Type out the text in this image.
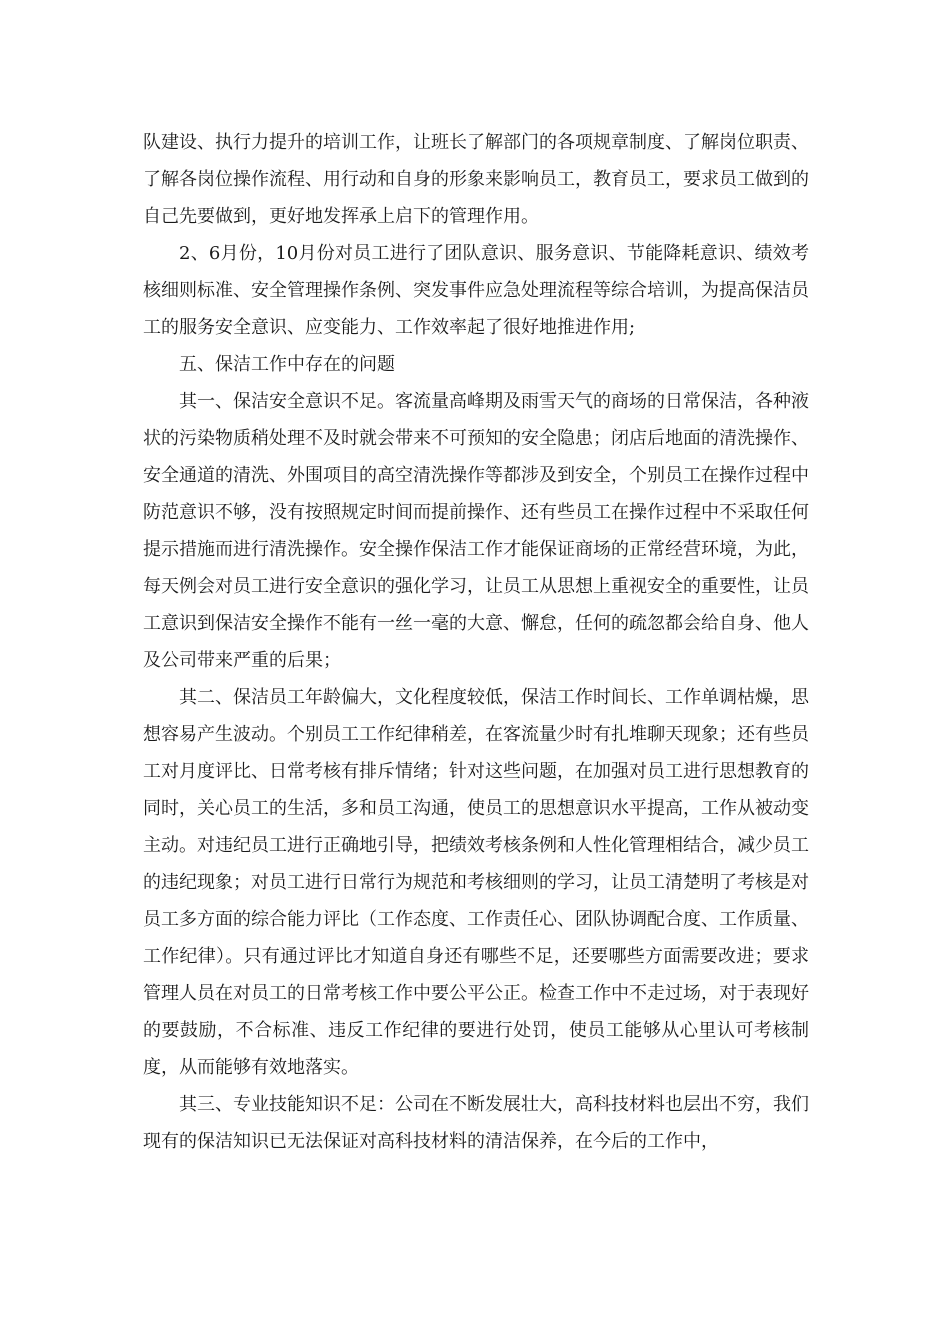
队建设、执行力提升的培训工作，让班长了解部门的各项规章制度、了解岗位职责、了解各岗位操作流程、用行动和自身的形象来影响员工，教育员工，要求员工做到的自己先要做到，更好地发挥承上启下的管理作用。

2、6月份，10月份对员工进行了团队意识、服务意识、节能降耗意识、绩效考核细则标准、安全管理操作条例、突发事件应急处理流程等综合培训，为提高保洁员工的服务安全意识、应变能力、工作效率起了很好地推进作用;

五、保洁工作中存在的问题

其一、保洁安全意识不足。客流量高峰期及雨雪天气的商场的日常保洁，各种液状的污染物质稍处理不及时就会带来不可预知的安全隐患；闭店后地面的清洗操作、安全通道的清洗、外围项目的高空清洗操作等都涉及到安全，个别员工在操作过程中防范意识不够，没有按照规定时间而提前操作、还有些员工在操作过程中不采取任何提示措施而进行清洗操作。安全操作保洁工作才能保证商场的正常经营环境，为此，每天例会对员工进行安全意识的强化学习，让员工从思想上重视安全的重要性，让员工意识到保洁安全操作不能有一丝一毫的大意、懈怠，任何的疏忽都会给自身、他人及公司带来严重的后果；

其二、保洁员工年龄偏大，文化程度较低，保洁工作时间长、工作单调枯燥，思想容易产生波动。个别员工工作纪律稍差，在客流量少时有扎堆聊天现象；还有些员工对月度评比、日常考核有排斥情绪；针对这些问题，在加强对员工进行思想教育的同时，关心员工的生活，多和员工沟通，使员工的思想意识水平提高，工作从被动变主动。对违纪员工进行正确地引导，把绩效考核条例和人性化管理相结合，减少员工的违纪现象；对员工进行日常行为规范和考核细则的学习，让员工清楚明了考核是对员工多方面的综合能力评比（工作态度、工作责任心、团队协调配合度、工作质量、工作纪律）。只有通过评比才知道自身还有哪些不足，还要哪些方面需要改进；要求管理人员在对员工的日常考核工作中要公平公正。检查工作中不走过场，对于表现好的要鼓励，不合标准、违反工作纪律的要进行处罚，使员工能够从心里认可考核制度，从而能够有效地落实。

其三、专业技能知识不足：公司在不断发展壮大，高科技材料也层出不穷，我们现有的保洁知识已无法保证对高科技材料的清洁保养，在今后的工作中，
